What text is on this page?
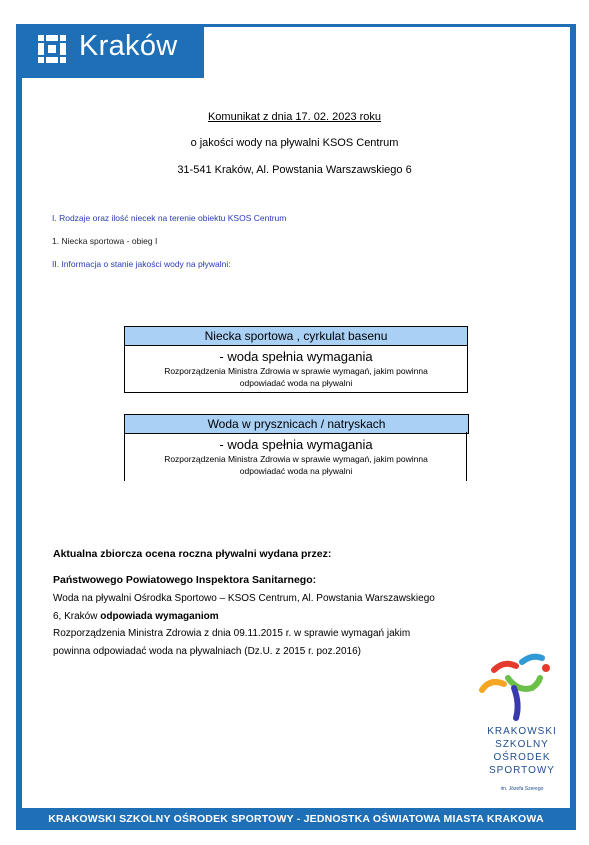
Kraków
Komunikat z dnia 17. 02. 2023 roku
o jakości wody na pływalni KSOS Centrum
31-541 Kraków, Al. Powstania Warszawskiego 6
I. Rodzaje oraz ilość niecek na terenie obiektu KSOS Centrum
1. Niecka sportowa - obieg I
II. Informacja o stanie jakości wody na pływalni:
Niecka sportowa , cyrkulat basenu
- woda spełnia wymagania
Rozporządzenia Ministra Zdrowia w sprawie wymagań, jakim powinna odpowiadać woda na pływalni
Woda w prysznicach / natryskach
- woda spełnia wymagania
Rozporządzenia Ministra Zdrowia w sprawie wymagań, jakim powinna odpowiadać woda na pływalni
Aktualna zbiorcza ocena roczna pływalni wydana przez:
Państwowego Powiatowego Inspektora Sanitarnego:
Woda na pływalni Ośrodka Sportowo – KSOS Centrum, Al. Powstania Warszawskiego 6, Kraków odpowiada wymaganiom
Rozporządzenia Ministra Zdrowia z dnia 09.11.2015 r. w sprawie wymagań jakim powinna odpowiadać woda na pływalniach (Dz.U. z 2015 r. poz.2016)
KRAKOWSKI
SZKOLNY
OŚRODEK
SPORTOWY
im. Józefa Szerego
KRAKOWSKI SZKOLNY OŚRODEK SPORTOWY - JEDNOSTKA OŚWIATOWA MIASTA KRAKOWA
